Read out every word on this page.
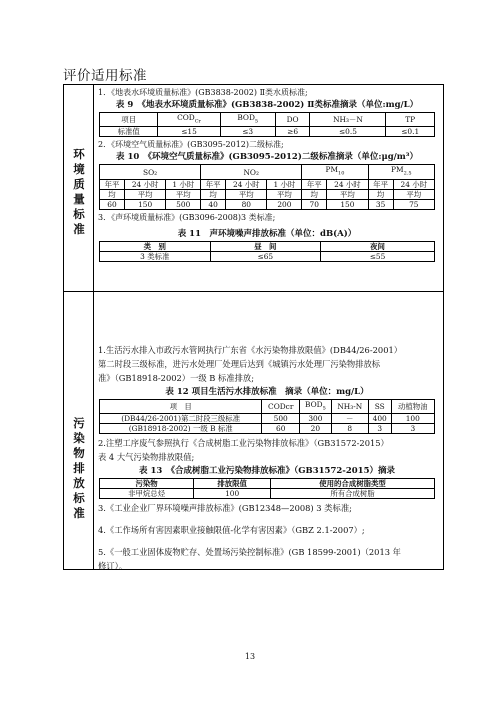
评价适用标准
环
境
质
量
标
准
污
染
物
排
放
标
准

1．《地表水环境质量标准》(GB3838-2002) Ⅱ类水质标准;

表 9　《地表水环境质量标准》(GB3838-2002) Ⅱ类标准摘录（单位:mg/L）
项目	$COD_{Cr}$	$BOD_5$	DO	NH₃－N	TP
标准值	≤15	≤3	≥6	≤0.5	≤0.1

2．《环境空气质量标准》(GB3095-2012)二级标准;

表 10　《环境空气质量标准》(GB3095-2012)二级标准摘录（单位:μg/m³）
SO₂			NO₂			$PM_{10}$		$PM_{2.5}$
年平	24 小时	1 小时	年平	24 小时	1 小时	年平	24 小时	年平	24 小时
均	平均	平均	均	平均	平均	均	平均	均	平均
60	150	500	40	80	200	70	150	35	75

3．《声环境质量标准》(GB3096-2008)3 类标准;

表 11　声环境噪声排放标准（单位：dB(A)）
类　别	昼　间	夜间
3 类标准	≤65	≤55

1.生活污水排入市政污水管网执行广东省《水污染物排放限值》(DB44/26-2001）

第二时段三级标准，进污水处理厂处理后达到《城镇污水处理厂污染物排放标

准》（GB18918-2002）一级 B 标准排放;

表 12 项目生活污水排放标准　摘录（单位：mg/L）
项　目	CODcr	$BOD_5$	NH₃-N	SS	动植物油
(DB44/26-2001)第二时段三级标准	500	300	－	400	100
(GB18918-2002) 一级 B 标准	60	20	8	3	3

2.注塑工序废气参照执行《合成树脂工业污染物排放标准》（GB31572-2015）

表 4 大气污染物排放限值;

表 13　《合成树脂工业污染物排放标准》（GB31572-2015）摘录
污染物	排放限值	使用的合成树脂类型
非甲烷总烃	100	所有合成树脂

3.《工业企业厂界环境噪声排放标准》(GB12348—2008) 3 类标准;

4.《工作场所有害因素职业接触限值-化学有害因素》（GBZ 2.1-2007）;

5.《一般工业固体废物贮存、处置场污染控制标准》(GB 18599-2001)（2013 年

修订）。

13
